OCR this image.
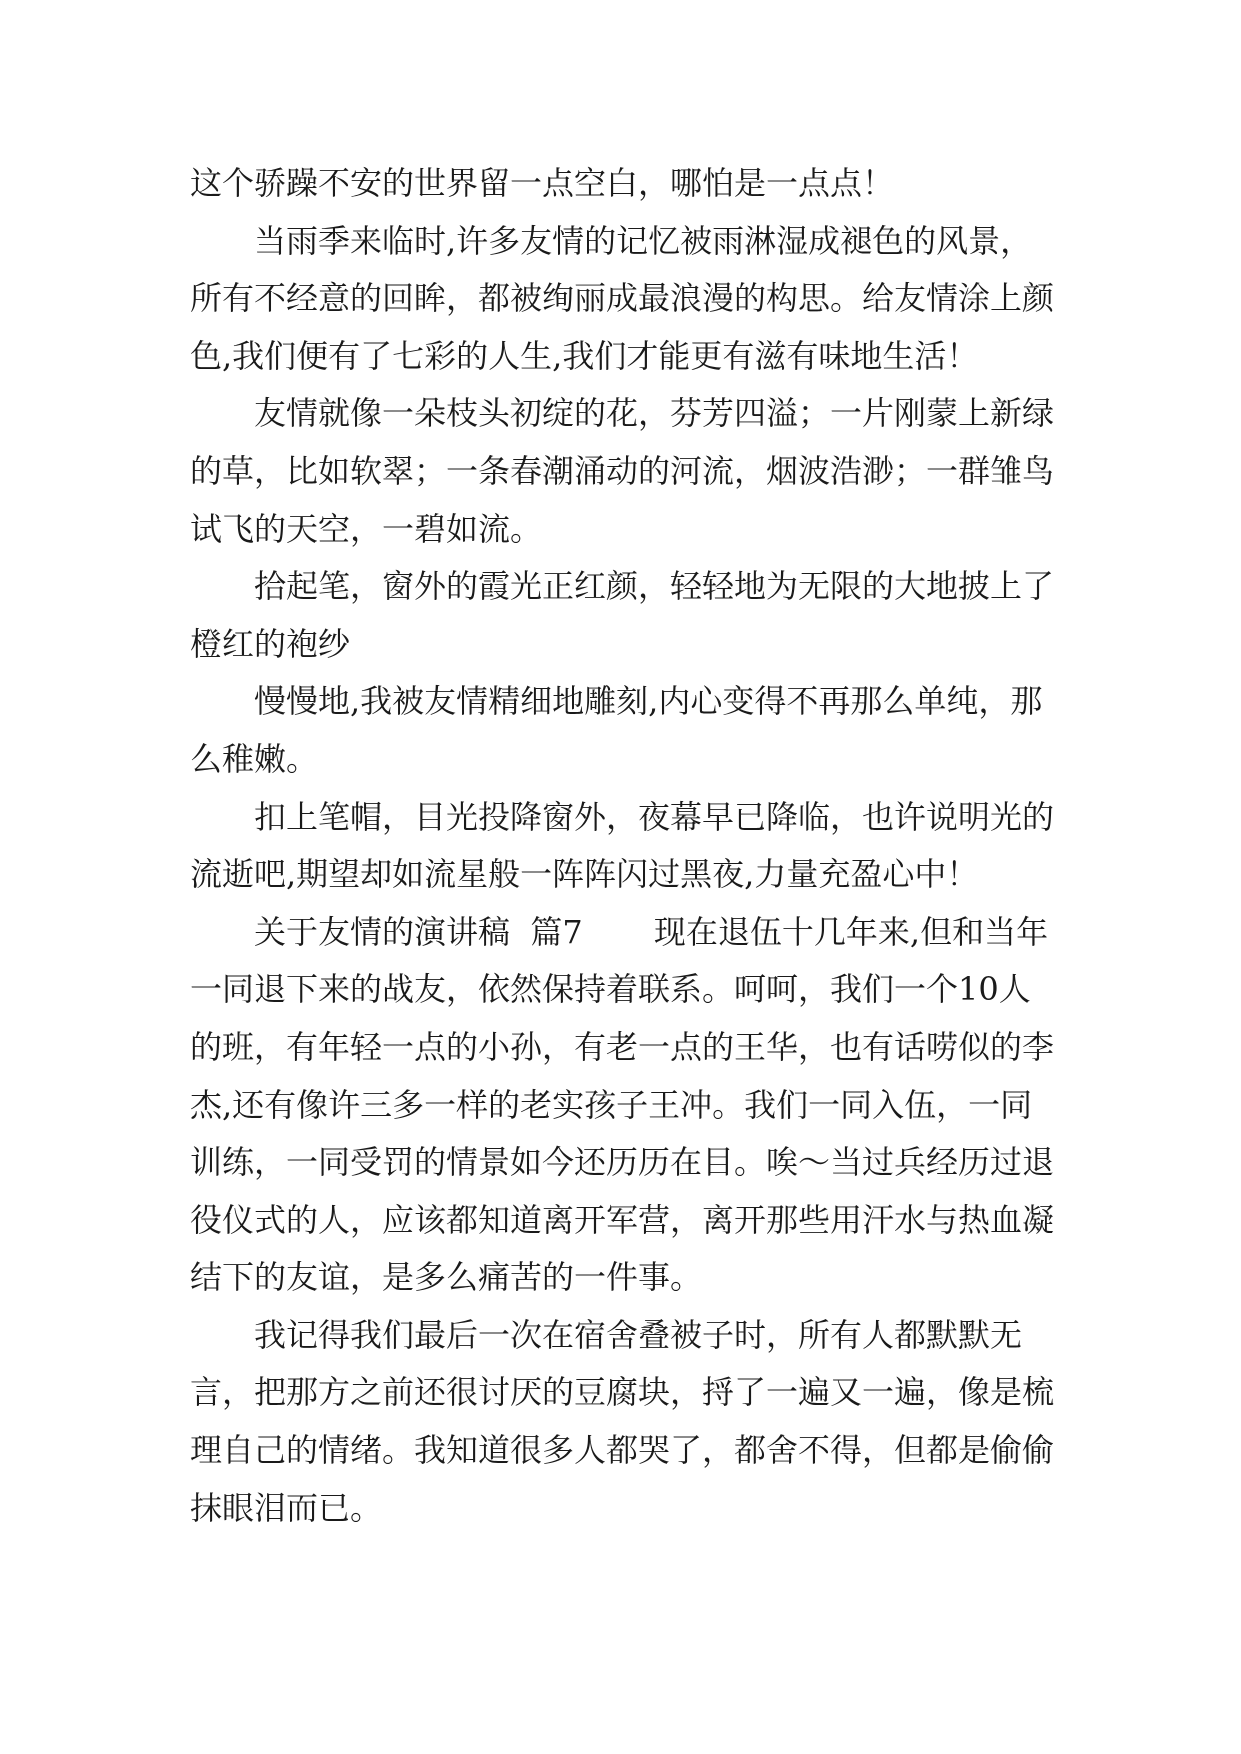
这个骄躁不安的世界留一点空白，哪怕是一点点！

当雨季来临时,许多友情的记忆被雨淋湿成褪色的风景，所有不经意的回眸，都被绚丽成最浪漫的构思。给友情涂上颜色,我们便有了七彩的人生,我们才能更有滋有味地生活！

友情就像一朵枝头初绽的花，芬芳四溢；一片刚蒙上新绿的草，比如软翠；一条春潮涌动的河流，烟波浩渺；一群雏鸟试飞的天空，一碧如流。

拾起笔，窗外的霞光正红颜，轻轻地为无限的大地披上了橙红的袍纱

慢慢地,我被友情精细地雕刻,内心变得不再那么单纯，那么稚嫩。

扣上笔帽，目光投降窗外，夜幕早已降临，也许说明光的流逝吧,期望却如流星般一阵阵闪过黑夜,力量充盈心中！

关于友情的演讲稿  篇7       现在退伍十几年来,但和当年一同退下来的战友，依然保持着联系。呵呵，我们一个10人的班，有年轻一点的小孙，有老一点的王华，也有话唠似的李杰,还有像许三多一样的老实孩子王冲。我们一同入伍，一同训练，一同受罚的情景如今还历历在目。唉～当过兵经历过退役仪式的人，应该都知道离开军营，离开那些用汗水与热血凝结下的友谊，是多么痛苦的一件事。

我记得我们最后一次在宿舍叠被子时，所有人都默默无言，把那方之前还很讨厌的豆腐块，捋了一遍又一遍，像是梳理自己的情绪。我知道很多人都哭了，都舍不得，但都是偷偷抹眼泪而已。
